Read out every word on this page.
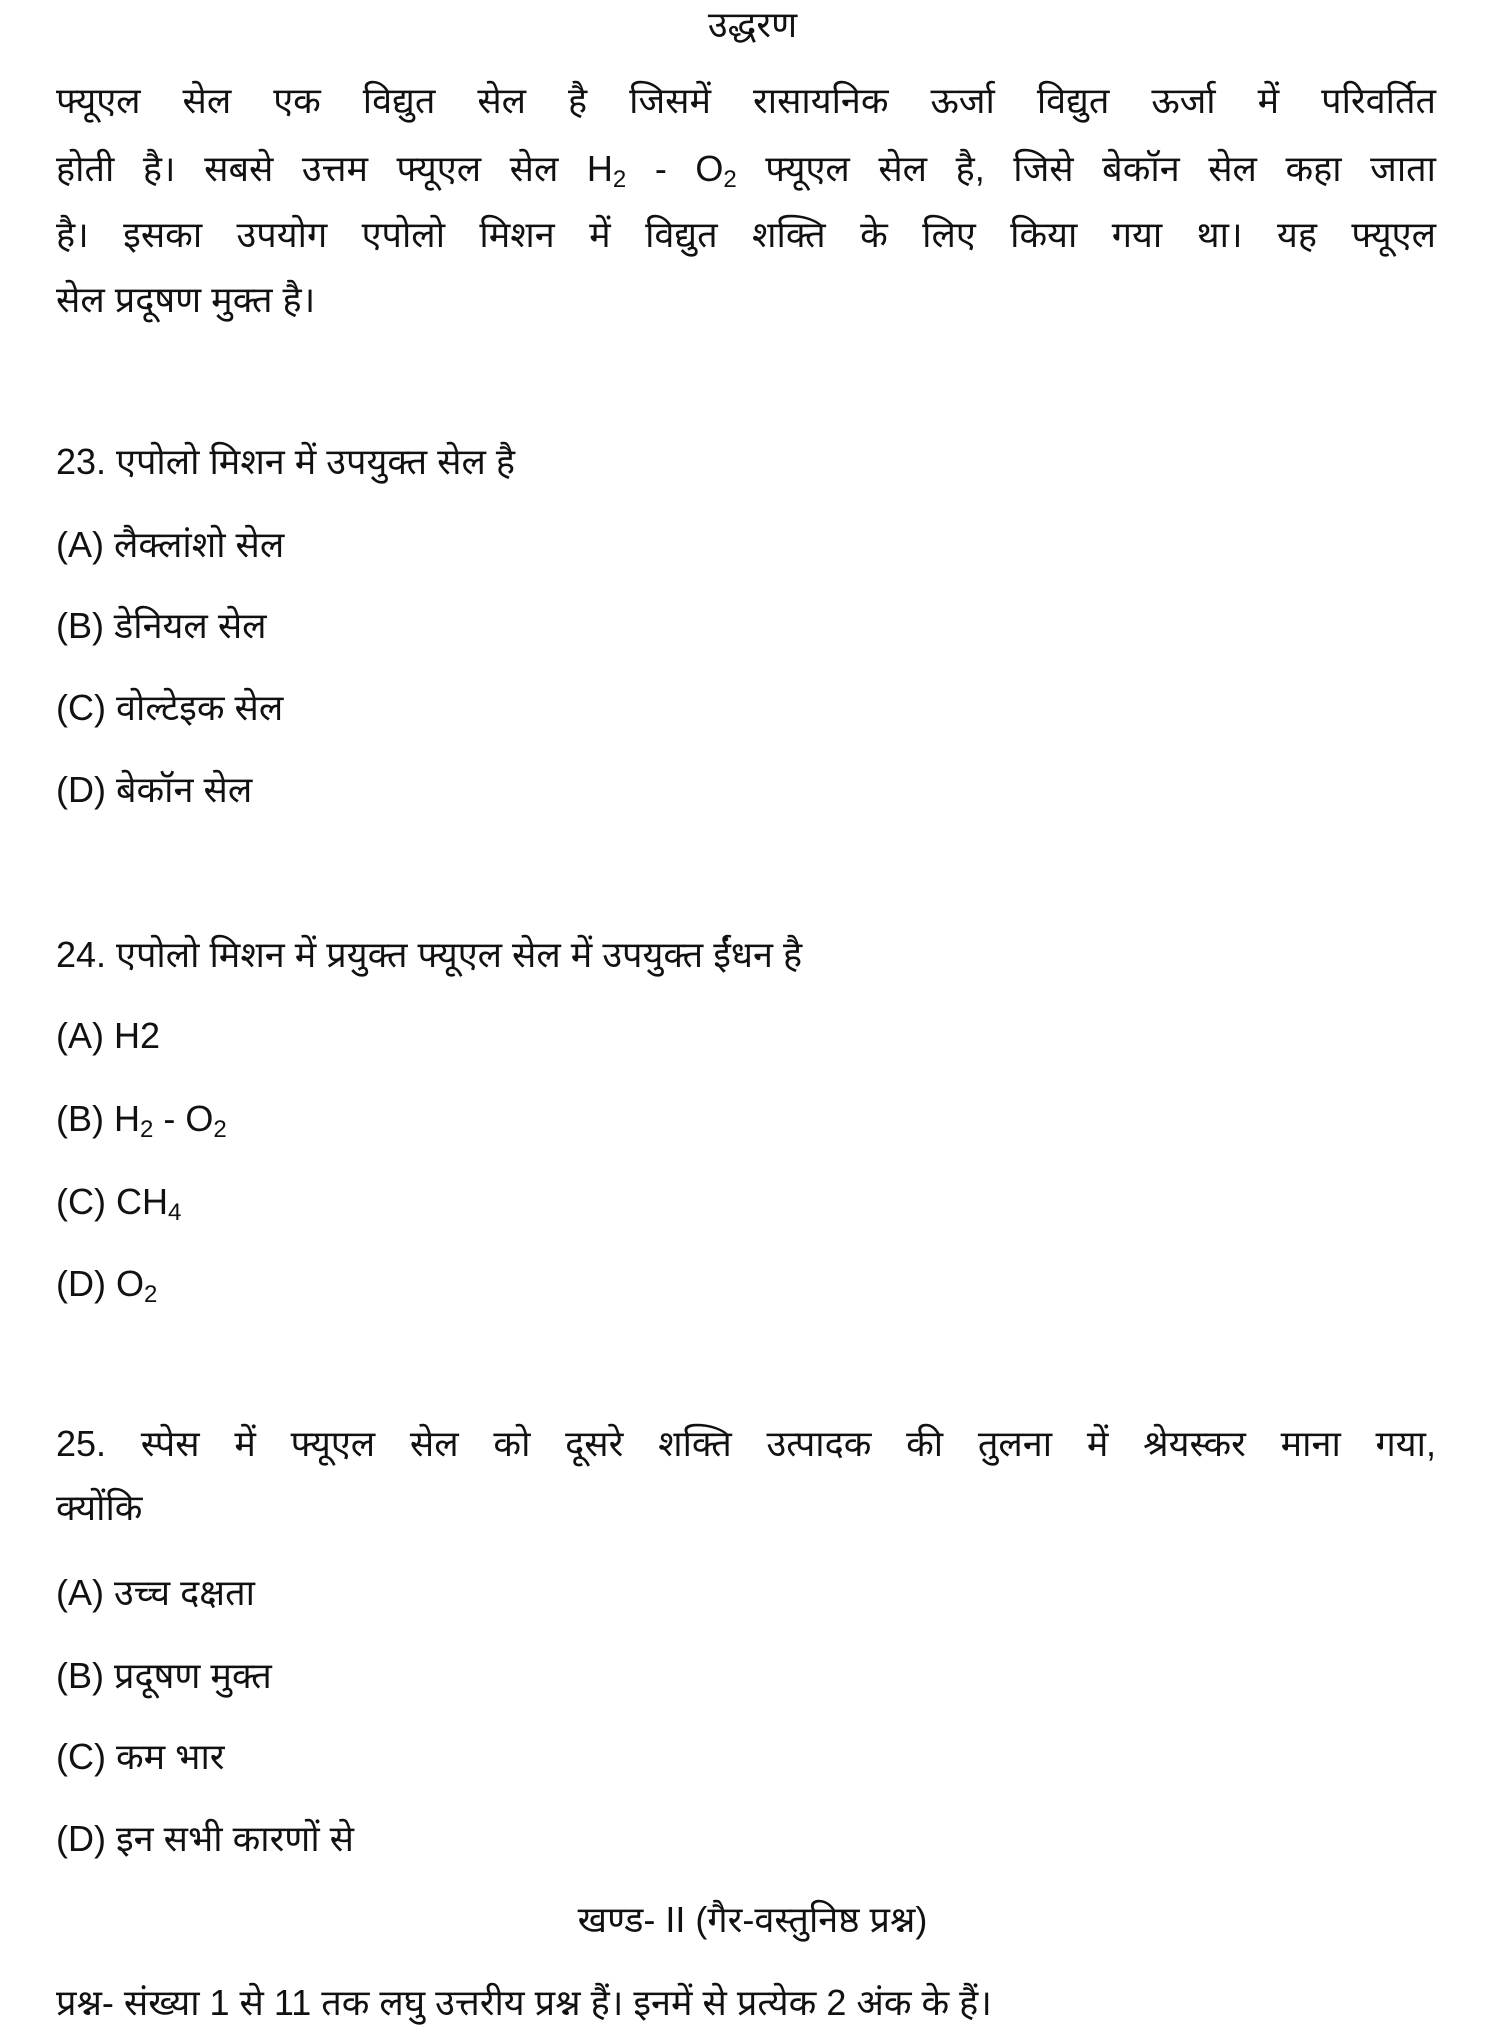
उद्धरण
फ्यूएल सेल एक विद्युत सेल है जिसमें रासायनिक ऊर्जा विद्युत ऊर्जा में परिवर्तित
होती है। सबसे उत्तम फ्यूएल सेल $H_2 - O_2$ फ्यूएल सेल है, जिसे बेकॉन सेल कहा जाता
है। इसका उपयोग एपोलो मिशन में विद्युत शक्ति के लिए किया गया था। यह फ्यूएल
सेल प्रदूषण मुक्त है।
23. एपोलो मिशन में उपयुक्त सेल है
(A) लैक्लांशो सेल
(B) डेनियल सेल
(C) वोल्टेइक सेल
(D) बेकॉन सेल
24. एपोलो मिशन में प्रयुक्त फ्यूएल सेल में उपयुक्त ईंधन है
(A) H2
(B) $H_2 - O_2$
(C) $CH_4$
(D) $O_2$
25. स्पेस में फ्यूएल सेल को दूसरे शक्ति उत्पादक की तुलना में श्रेयस्कर माना गया,
क्योंकि
(A) उच्च दक्षता
(B) प्रदूषण मुक्त
(C) कम भार
(D) इन सभी कारणों से
खण्ड- II (गैर-वस्तुनिष्ठ प्रश्न)
प्रश्न- संख्या 1 से 11 तक लघु उत्तरीय प्रश्न हैं। इनमें से प्रत्येक 2 अंक के हैं।
